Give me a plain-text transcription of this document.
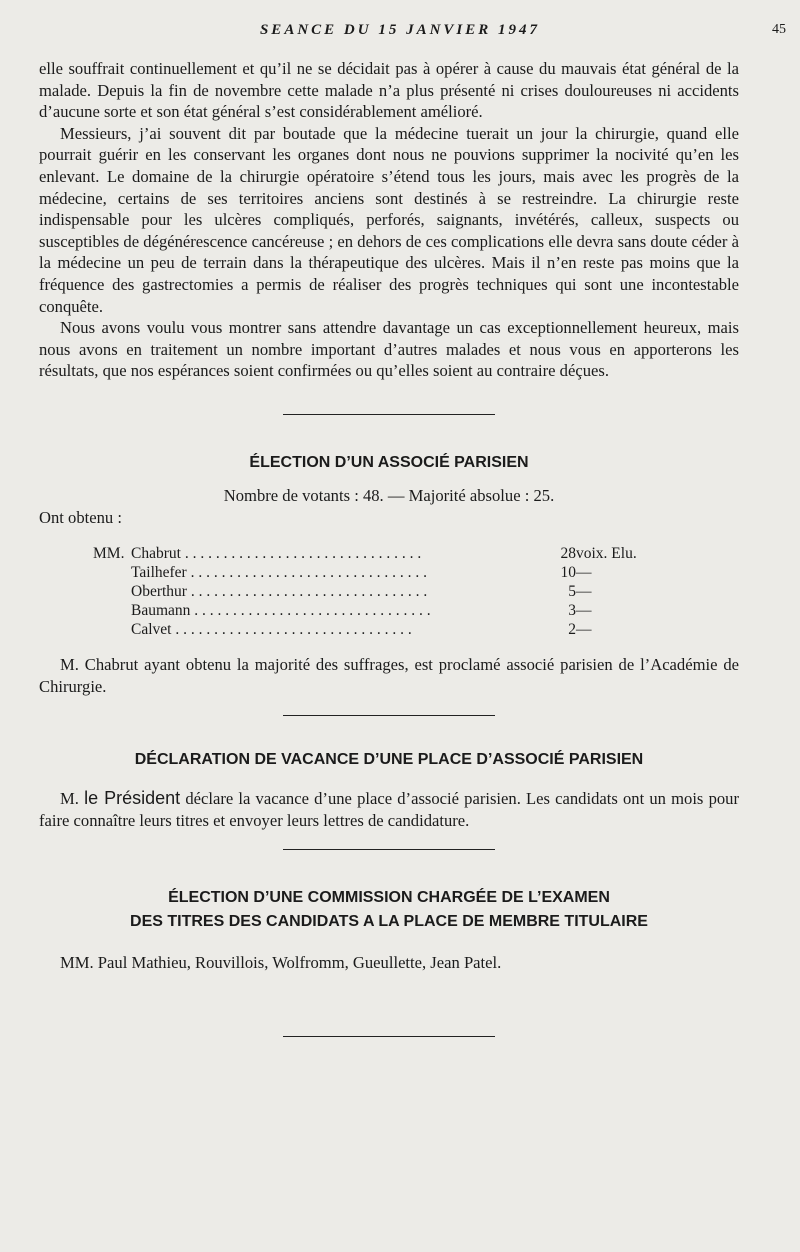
SEANCE DU 15 JANVIER 1947	45

elle souffrait continuellement et qu’il ne se décidait pas à opérer à cause du mauvais état général de la malade. Depuis la fin de novembre cette malade n’a plus présenté ni crises douloureuses ni accidents d’aucune sorte et son état général s’est considérablement amélioré.

Messieurs, j’ai souvent dit par boutade que la médecine tuerait un jour la chirurgie, quand elle pourrait guérir en les conservant les organes dont nous ne pouvions supprimer la nocivité qu’en les enlevant. Le domaine de la chirurgie opératoire s’étend tous les jours, mais avec les progrès de la médecine, certains de ses territoires anciens sont destinés à se restreindre. La chirurgie reste indispensable pour les ulcères compliqués, perforés, saignants, invétérés, calleux, suspects ou susceptibles de dégénérescence cancéreuse ; en dehors de ces complications elle devra sans doute céder à la médecine un peu de terrain dans la thérapeutique des ulcères. Mais il n’en reste pas moins que la fréquence des gastrectomies a permis de réaliser des progrès techniques qui sont une incontestable conquête.

Nous avons voulu vous montrer sans attendre davantage un cas exceptionnellement heureux, mais nous avons en traitement un nombre important d’autres malades et nous vous en apporterons les résultats, que nos espérances soient confirmées ou qu’elles soient au contraire déçues.

ÉLECTION D’UN ASSOCIÉ PARISIEN
Nombre de votants : 48. — Majorité absolue : 25.
Ont obtenu :
MM.	Chabrut . . . . . . . . . . . . . . . . . . . . . . . . . . . . . . .	28	voix. Elu.
	Tailhefer . . . . . . . . . . . . . . . . . . . . . . . . . . . . . . .	10	—
	Oberthur . . . . . . . . . . . . . . . . . . . . . . . . . . . . . . .	5	—
	Baumann . . . . . . . . . . . . . . . . . . . . . . . . . . . . . . .	3	—
	Calvet . . . . . . . . . . . . . . . . . . . . . . . . . . . . . . .	2	—

M. Chabrut ayant obtenu la majorité des suffrages, est proclamé associé parisien de l’Académie de Chirurgie.

DÉCLARATION DE VACANCE D’UNE PLACE D’ASSOCIÉ PARISIEN

M. le Président déclare la vacance d’une place d’associé parisien. Les candidats ont un mois pour faire connaître leurs titres et envoyer leurs lettres de candidature.

ÉLECTION D’UNE COMMISSION CHARGÉE DE L’EXAMEN
DES TITRES DES CANDIDATS A LA PLACE DE MEMBRE TITULAIRE

MM. Paul Mathieu, Rouvillois, Wolfromm, Gueullette, Jean Patel.
